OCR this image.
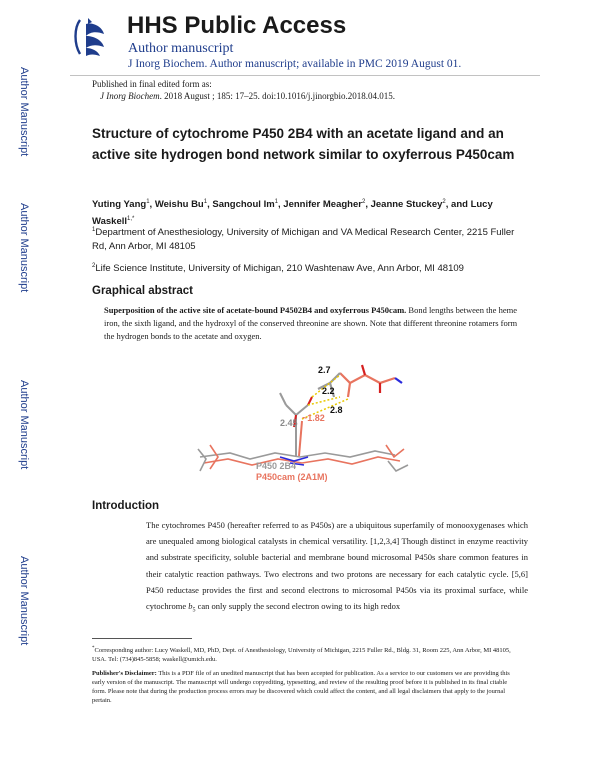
HHS Public Access
Author manuscript
J Inorg Biochem. Author manuscript; available in PMC 2019 August 01.
Author Manuscript
Author Manuscript
Author Manuscript
Author Manuscript
Published in final edited form as:
J Inorg Biochem. 2018 August ; 185: 17–25. doi:10.1016/j.jinorgbio.2018.04.015.
Structure of cytochrome P450 2B4 with an acetate ligand and an active site hydrogen bond network similar to oxyferrous P450cam
Yuting Yang$^1$, Weishu Bu$^1$, Sangchoul Im$^1$, Jennifer Meagher$^2$, Jeanne Stuckey$^2$, and Lucy Waskell$^{1,*}$
$^1$Department of Anesthesiology, University of Michigan and VA Medical Research Center, 2215 Fuller Rd, Ann Arbor, MI 48105
$^2$Life Science Institute, University of Michigan, 210 Washtenaw Ave, Ann Arbor, MI 48109
Graphical abstract
Superposition of the active site of acetate-bound P4502B4 and oxyferrous P450cam. Bond lengths between the heme iron, the sixth ligand, and the hydroxyl of the conserved threonine are shown. Note that different threonine rotamers form the hydrogen bonds to the acetate and oxygen.
2.7
2.2
2.8
2.45 ~1.82
P450 2B4
P450cam (2A1M)
Introduction
The cytochromes P450 (hereafter referred to as P450s) are a ubiquitous superfamily of monooxygenases which are unequaled among biological catalysts in chemical versatility. [1,2,3,4] Though distinct in enzyme reactivity and substrate specificity, soluble bacterial and membrane bound microsomal P450s share common features in their catalytic reaction pathways. Two electrons and two protons are necessary for each catalytic cycle. [5,6] P450 reductase provides the first and second electrons to microsomal P450s via its proximal surface, while cytochrome $b_5$ can only supply the second electron owing to its high redox
*Corresponding author: Lucy Waskell, MD, PhD, Dept. of Anesthesiology, University of Michigan, 2215 Fuller Rd., Bldg. 31, Room 225, Ann Arbor, MI 48105, USA. Tel: (734)845-5858; waskell@umich.edu.
Publisher's Disclaimer: This is a PDF file of an unedited manuscript that has been accepted for publication. As a service to our customers we are providing this early version of the manuscript. The manuscript will undergo copyediting, typesetting, and review of the resulting proof before it is published in its final citable form. Please note that during the production process errors may be discovered which could affect the content, and all legal disclaimers that apply to the journal pertain.
